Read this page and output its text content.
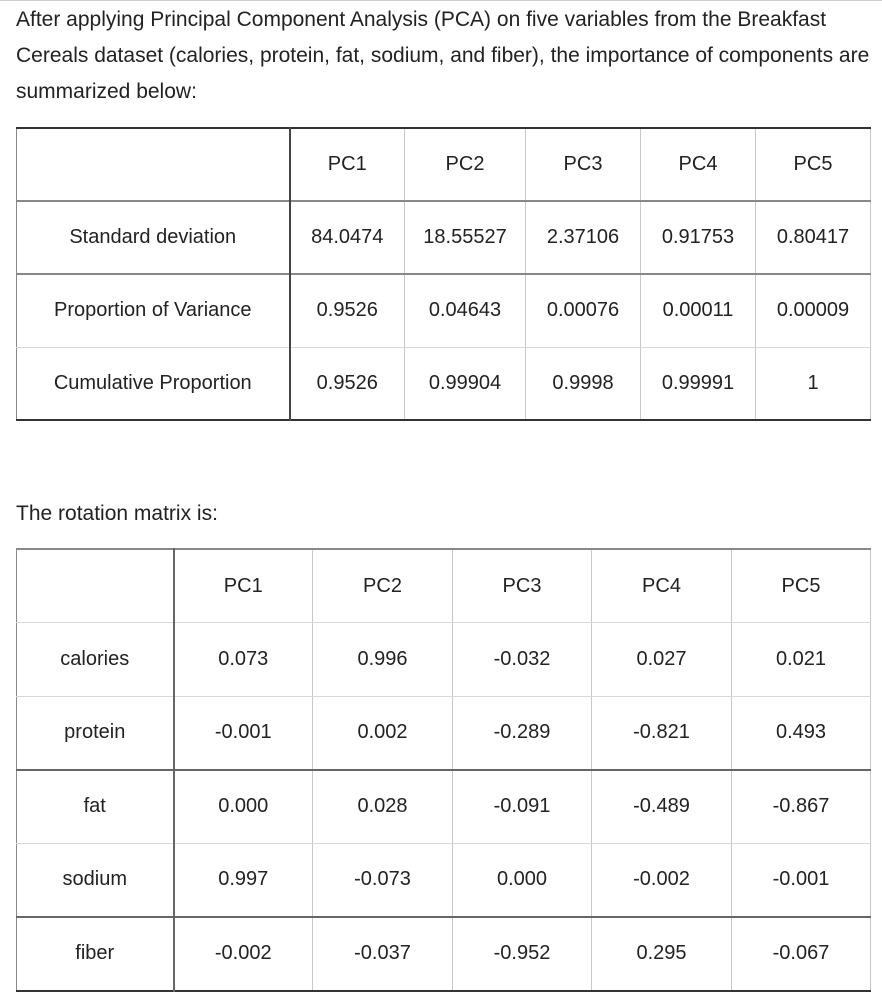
After applying Principal Component Analysis (PCA) on five variables from the Breakfast Cereals dataset (calories, protein, fat, sodium, and fiber), the importance of components are summarized below:

	PC1	PC2	PC3	PC4	PC5
Standard deviation	84.0474	18.55527	2.37106	0.91753	0.80417
Proportion of Variance	0.9526	0.04643	0.00076	0.00011	0.00009
Cumulative Proportion	0.9526	0.99904	0.9998	0.99991	1

The rotation matrix is:

	PC1	PC2	PC3	PC4	PC5
calories	0.073	0.996	-0.032	0.027	0.021
protein	-0.001	0.002	-0.289	-0.821	0.493
fat	0.000	0.028	-0.091	-0.489	-0.867
sodium	0.997	-0.073	0.000	-0.002	-0.001
fiber	-0.002	-0.037	-0.952	0.295	-0.067
